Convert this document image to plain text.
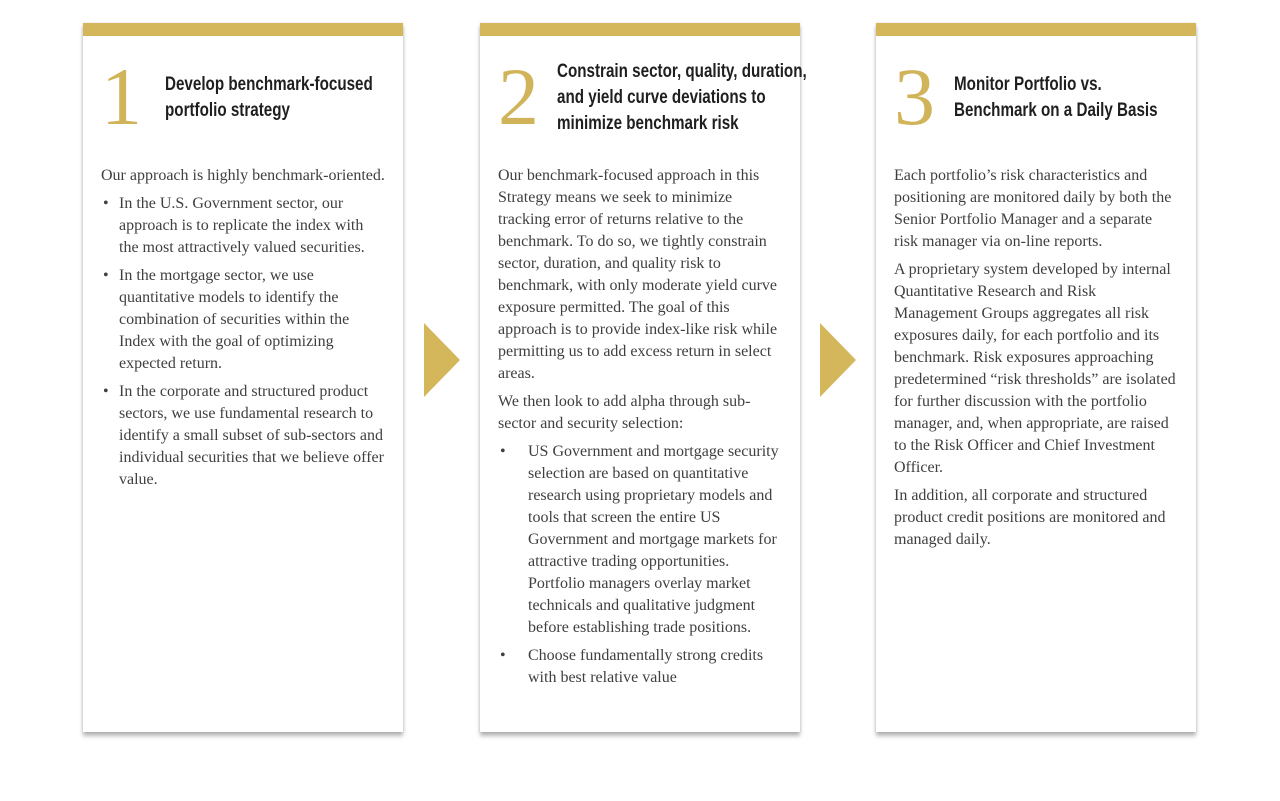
1 Develop benchmark-focused
portfolio strategy

Our approach is highly benchmark-oriented.

• In the U.S. Government sector, our approach is to replicate the index with the most attractively valued securities.
• In the mortgage sector, we use quantitative models to identify the combination of securities within the Index with the goal of optimizing expected return.
• In the corporate and structured product sectors, we use fundamental research to identify a small subset of sub-sectors and individual securities that we believe offer value.
2 Constrain sector, quality, duration,
and yield curve deviations to
minimize benchmark risk

Our benchmark-focused approach in this Strategy means we seek to minimize tracking error of returns relative to the benchmark. To do so, we tightly constrain sector, duration, and quality risk to benchmark, with only moderate yield curve exposure permitted. The goal of this approach is to provide index-like risk while permitting us to add excess return in select areas.

We then look to add alpha through sub-sector and security selection:

• US Government and mortgage security selection are based on quantitative research using proprietary models and tools that screen the entire US Government and mortgage markets for attractive trading opportunities. Portfolio managers overlay market technicals and qualitative judgment before establishing trade positions.
• Choose fundamentally strong credits with best relative value
3 Monitor Portfolio vs.
Benchmark on a Daily Basis

Each portfolio’s risk characteristics and positioning are monitored daily by both the Senior Portfolio Manager and a separate risk manager via on-line reports.

A proprietary system developed by internal Quantitative Research and Risk Management Groups aggregates all risk exposures daily, for each portfolio and its benchmark. Risk exposures approaching predetermined “risk thresholds” are isolated for further discussion with the portfolio manager, and, when appropriate, are raised to the Risk Officer and Chief Investment Officer.

In addition, all corporate and structured product credit positions are monitored and managed daily.
